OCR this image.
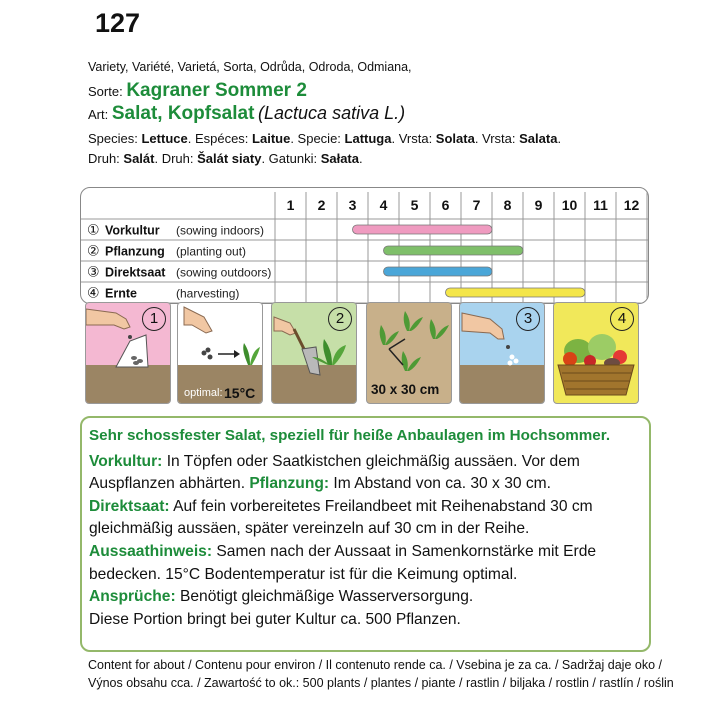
127
Variety, Variété, Varietá, Sorta, Odrůda, Odroda, Odmiana,
Sorte: Kagraner Sommer 2
Art: Salat, Kopfsalat (Lactuca sativa L.)
Species: Lettuce. Espéces: Laitue. Specie: Lattuga. Vrsta: Solata. Vrsta: Salata.
Druh: Salát. Druh: Šalát siaty. Gatunki: Sałata.
1 2 3 4 5 6 7 8 9 10 11 12
① Vorkultur (sowing indoors)
② Pflanzung (planting out)
③ Direktsaat (sowing outdoors)
④ Ernte	(harvesting)
1
optimal: 15°C
2
30 x 30 cm
3	4

Sehr schossfester Salat, speziell für heiße Anbaulagen im Hochsommer.

Vorkultur: In Töpfen oder Saatkistchen gleichmäßig aussäen. Vor dem Auspflanzen abhärten. Pflanzung: Im Abstand von ca. 30 x 30 cm.

Direktsaat: Auf fein vorbereitetes Freilandbeet mit Reihenabstand 30 cm gleichmäßig aussäen, später vereinzeln auf 30 cm in der Reihe.

Aussaathinweis: Samen nach der Aussaat in Samenkornstärke mit Erde bedecken. 15°C Bodentemperatur ist für die Keimung optimal.

Ansprüche: Benötigt gleichmäßige Wasserversorgung.

Diese Portion bringt bei guter Kultur ca. 500 Pflanzen.

Content for about / Contenu pour environ / Il contenuto rende ca. / Vsebina je za ca. / Sadržaj daje oko /
Výnos obsahu cca. / Zawartość to ok.: 500 plants / plantes / piante / rastlin / biljaka / rostlin / rastlín / roślin
